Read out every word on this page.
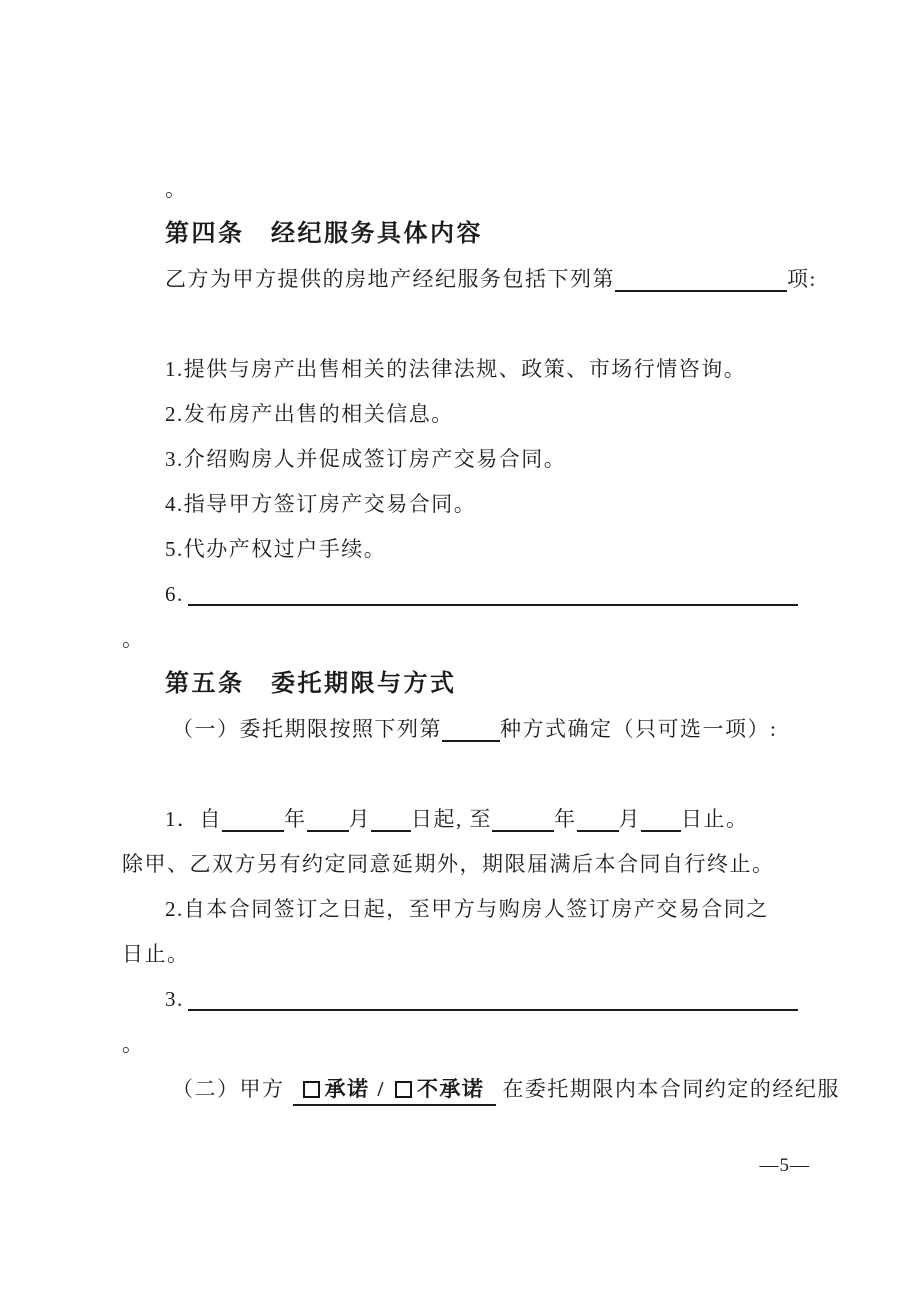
。

第四条　经纪服务具体内容

乙方为甲方提供的房地产经纪服务包括下列第	项:

1.提供与房产出售相关的法律法规、政策、市场行情咨询。

2.发布房产出售的相关信息。

3.介绍购房人并促成签订房产交易合同。

4.指导甲方签订房产交易合同。

5.代办产权过户手续。

6.

。

第五条　委托期限与方式

（一）委托期限按照下列第	种方式确定（只可选一项）:

1．自	年 月 日起, 至	年 月 日止。

除甲、乙双方另有约定同意延期外，期限届满后本合同自行终止。

2.自本合同签订之日起，至甲方与购房人签订房产交易合同之

日止。

3.

。

（二）甲方 承诺 / 不承诺 在委托期限内本合同约定的经纪服

—5—
